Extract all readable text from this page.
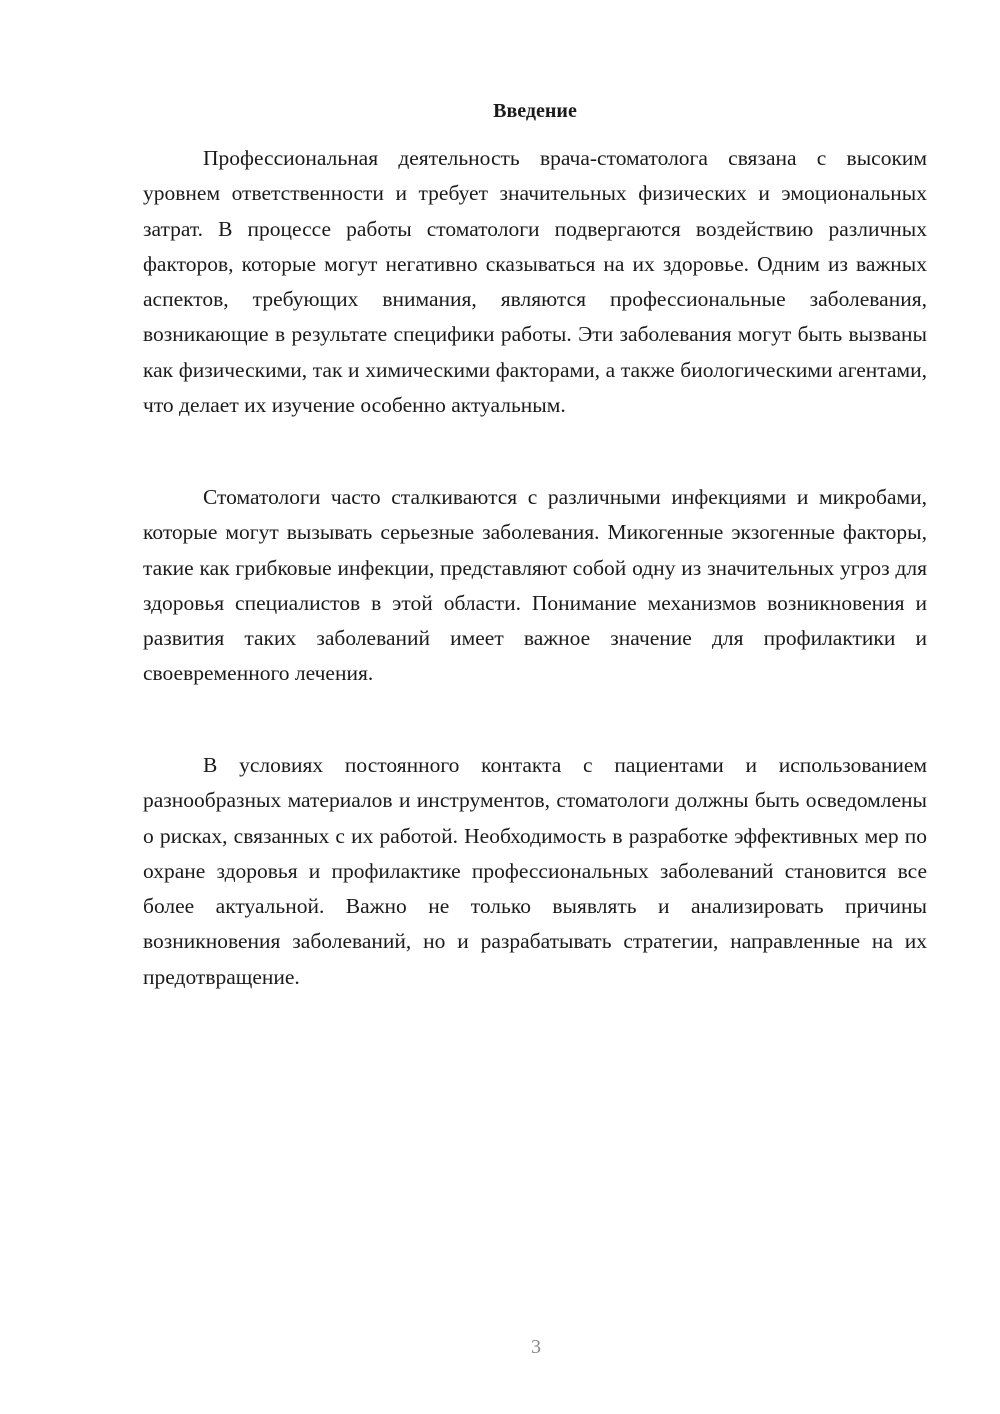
Введение

Профессиональная деятельность врача-стоматолога связана с высоким уровнем ответственности и требует значительных физических и эмоциональных затрат. В процессе работы стоматологи подвергаются воздействию различных факторов, которые могут негативно сказываться на их здоровье. Одним из важных аспектов, требующих внимания, являются профессиональные заболевания, возникающие в результате специфики работы. Эти заболевания могут быть вызваны как физическими, так и химическими факторами, а также биологическими агентами, что делает их изучение особенно актуальным.

Стоматологи часто сталкиваются с различными инфекциями и микробами, которые могут вызывать серьезные заболевания. Микогенные экзогенные факторы, такие как грибковые инфекции, представляют собой одну из значительных угроз для здоровья специалистов в этой области. Понимание механизмов возникновения и развития таких заболеваний имеет важное значение для профилактики и своевременного лечения.

В условиях постоянного контакта с пациентами и использованием разнообразных материалов и инструментов, стоматологи должны быть осведомлены о рисках, связанных с их работой. Необходимость в разработке эффективных мер по охране здоровья и профилактике профессиональных заболеваний становится все более актуальной. Важно не только выявлять и анализировать причины возникновения заболеваний, но и разрабатывать стратегии, направленные на их предотвращение.

3
